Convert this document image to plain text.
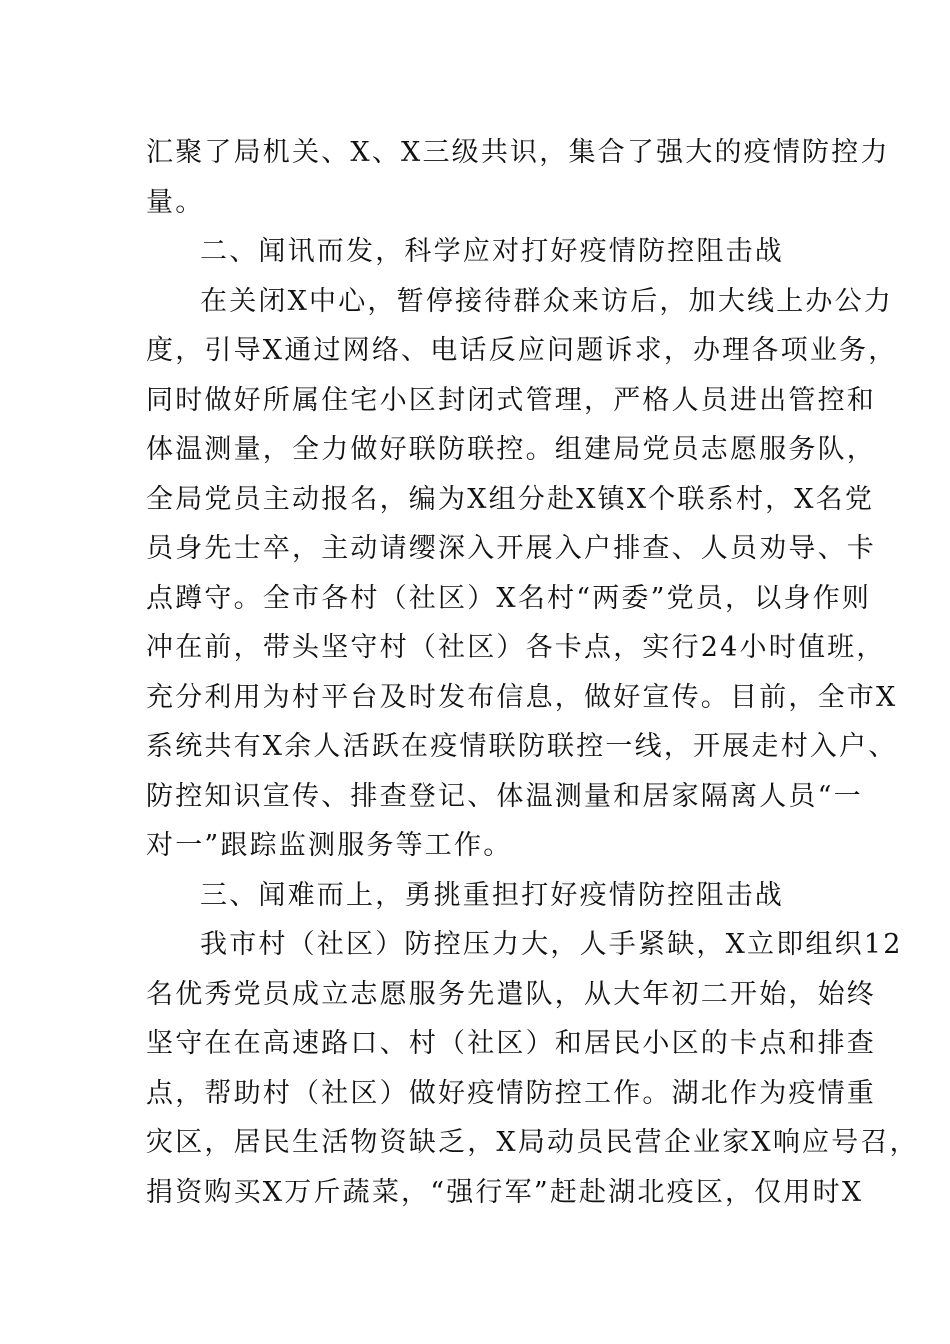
汇聚了局机关、X、X三级共识，集合了强大的疫情防控力
量。
二、闻讯而发，科学应对打好疫情防控阻击战
在关闭X中心，暂停接待群众来访后，加大线上办公力
度，引导X通过网络、电话反应问题诉求，办理各项业务，
同时做好所属住宅小区封闭式管理，严格人员进出管控和
体温测量，全力做好联防联控。组建局党员志愿服务队，
全局党员主动报名，编为X组分赴X镇X个联系村，X名党
员身先士卒，主动请缨深入开展入户排查、人员劝导、卡
点蹲守。全市各村（社区）X名村“两委”党员，以身作则
冲在前，带头坚守村（社区）各卡点，实行24小时值班，
充分利用为村平台及时发布信息，做好宣传。目前，全市X
系统共有X余人活跃在疫情联防联控一线，开展走村入户、
防控知识宣传、排查登记、体温测量和居家隔离人员“一
对一”跟踪监测服务等工作。
三、闻难而上，勇挑重担打好疫情防控阻击战
我市村（社区）防控压力大，人手紧缺，X立即组织12
名优秀党员成立志愿服务先遣队，从大年初二开始，始终
坚守在在高速路口、村（社区）和居民小区的卡点和排查
点，帮助村（社区）做好疫情防控工作。湖北作为疫情重
灾区，居民生活物资缺乏，X局动员民营企业家X响应号召，
捐资购买X万斤蔬菜，“强行军”赶赴湖北疫区，仅用时X
